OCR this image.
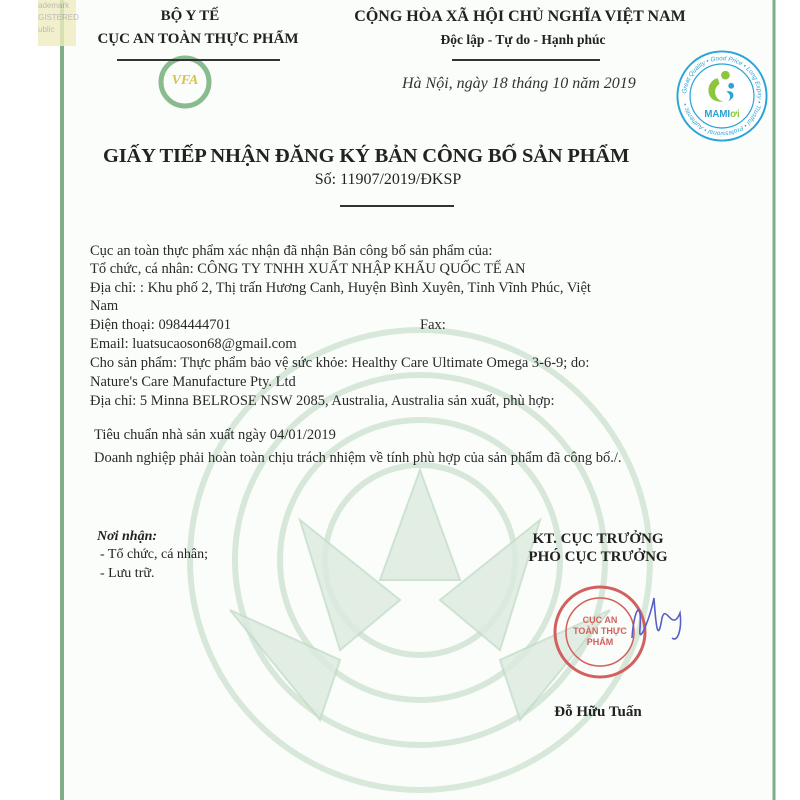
ademark
GISTERED
ublic
VFA
BỘ Y TẾ
CỤC AN TOÀN THỰC PHẨM
CỘNG HÒA XÃ HỘI CHỦ NGHĨA VIỆT NAM
Độc lập - Tự do - Hạnh phúc
Hà Nội, ngày 18 tháng 10 năm 2019
GIẤY TIẾP NHẬN ĐĂNG KÝ BẢN CÔNG BỐ SẢN PHẨM
Số: 11907/2019/ĐKSP
Cục an toàn thực phẩm xác nhận đã nhận Bản công bố sản phẩm của:
Tổ chức, cá nhân: CÔNG TY TNHH XUẤT NHẬP KHẨU QUỐC TẾ AN
Địa chỉ: : Khu phố 2, Thị trấn Hương Canh, Huyện Bình Xuyên, Tỉnh Vĩnh Phúc, Việt
Nam
Điện thoại: 0984444701	Fax:
Email: luatsucaoson68@gmail.com
Cho sản phẩm: Thực phẩm bảo vệ sức khỏe: Healthy Care Ultimate Omega 3-6-9; do:
Nature's Care Manufacture Pty. Ltd
Địa chỉ: 5 Minna BELROSE NSW 2085, Australia, Australia sản xuất, phù hợp:
Tiêu chuẩn nhà sản xuất ngày 04/01/2019
Doanh nghiệp phải hoàn toàn chịu trách nhiệm về tính phù hợp của sản phẩm đã công bố./.
Nơi nhận:
- Tổ chức, cá nhân;
- Lưu trữ.
KT. CỤC TRƯỞNG
PHÓ CỤC TRƯỞNG
CỤC AN TOÀN THỰC PHẨM
Đỗ Hữu Tuấn
Great Quality • Good Price • Long Expiry • Trustful • Professional • Authentic •
MAMIơi
